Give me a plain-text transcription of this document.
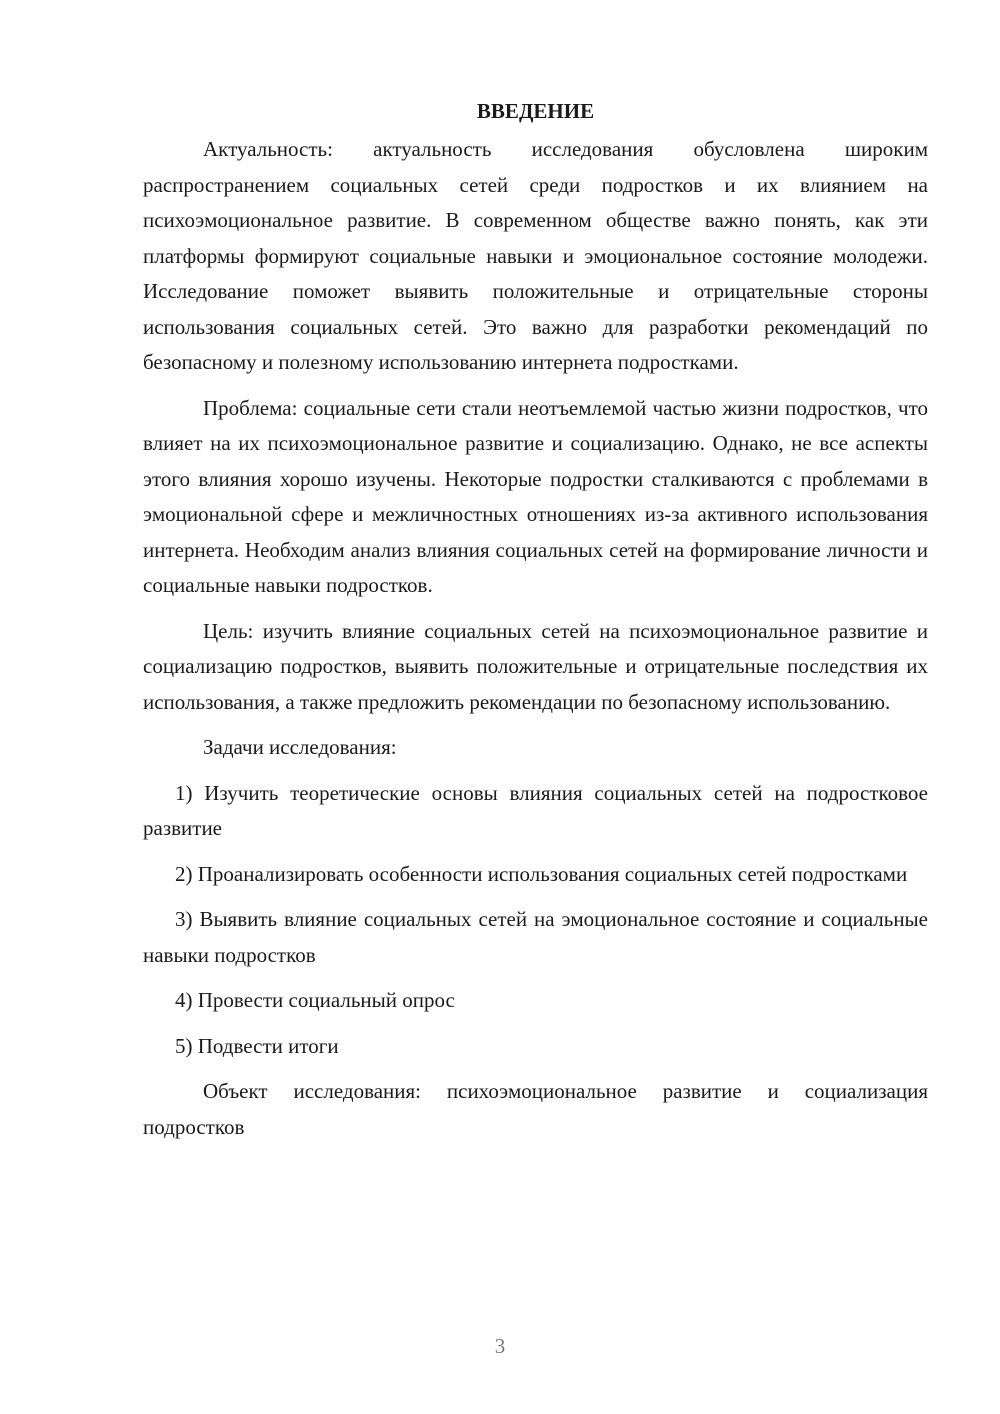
ВВЕДЕНИЕ

Актуальность: актуальность исследования обусловлена широким распространением социальных сетей среди подростков и их влиянием на психоэмоциональное развитие. В современном обществе важно понять, как эти платформы формируют социальные навыки и эмоциональное состояние молодежи. Исследование поможет выявить положительные и отрицательные стороны использования социальных сетей. Это важно для разработки рекомендаций по безопасному и полезному использованию интернета подростками.

Проблема: социальные сети стали неотъемлемой частью жизни подростков, что влияет на их психоэмоциональное развитие и социализацию. Однако, не все аспекты этого влияния хорошо изучены. Некоторые подростки сталкиваются с проблемами в эмоциональной сфере и межличностных отношениях из-за активного использования интернета. Необходим анализ влияния социальных сетей на формирование личности и социальные навыки подростков.

Цель: изучить влияние социальных сетей на психоэмоциональное развитие и социализацию подростков, выявить положительные и отрицательные последствия их использования, а также предложить рекомендации по безопасному использованию.

Задачи исследования:

1) Изучить теоретические основы влияния социальных сетей на подростковое развитие

2) Проанализировать особенности использования социальных сетей подростками

3) Выявить влияние социальных сетей на эмоциональное состояние и социальные навыки подростков

4) Провести социальный опрос

5) Подвести итоги

Объект исследования: психоэмоциональное развитие и социализация подростков

3
